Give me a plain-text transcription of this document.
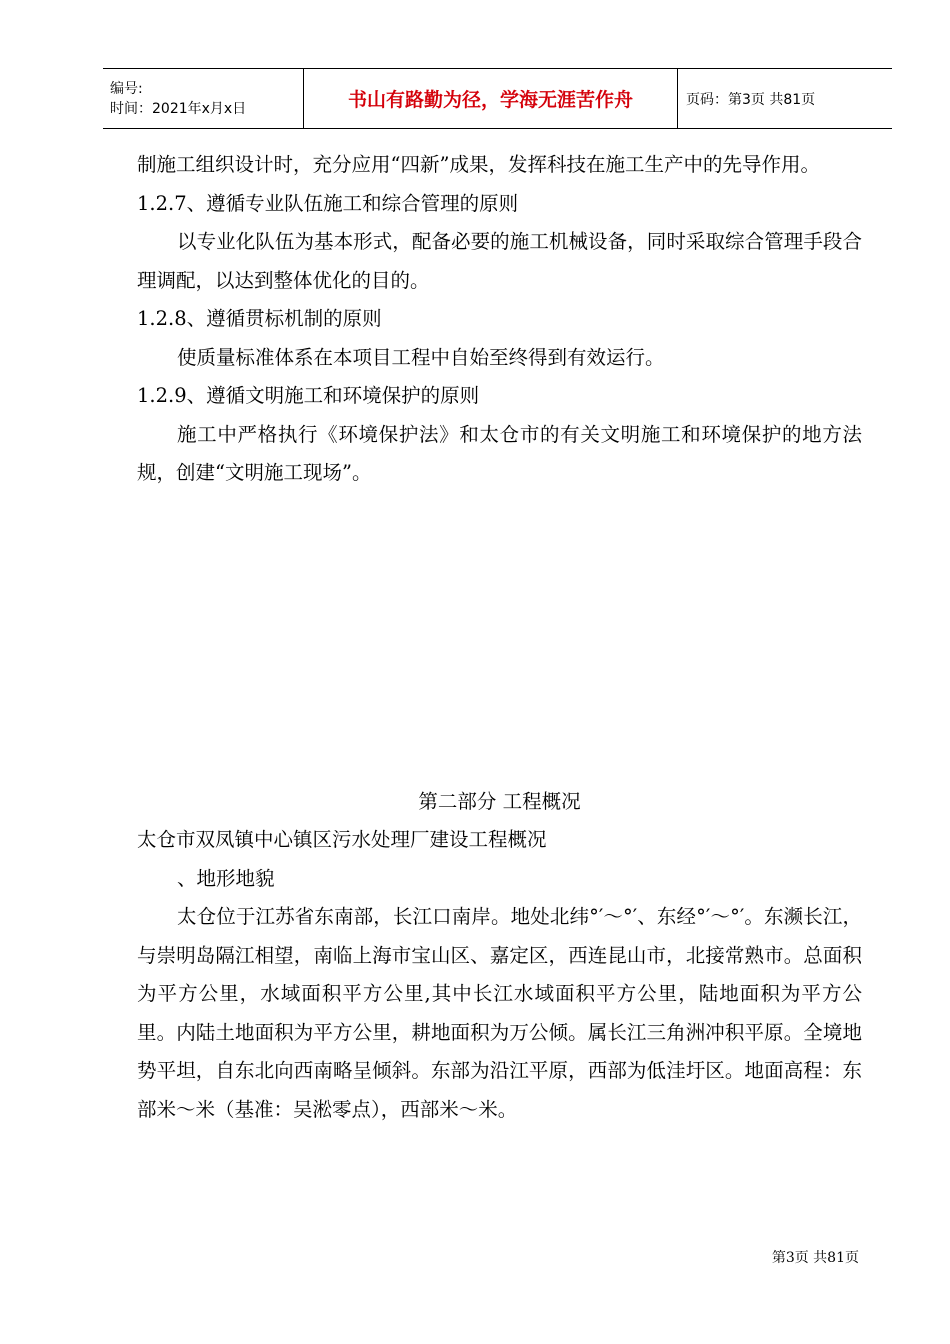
编号:
时间：2021年x月x日	书山有路勤为径，学海无涯苦作舟	页码：第3页 共81页

制施工组织设计时，充分应用“四新”成果，发挥科技在施工生产中的先导作用。

1.2.7、遵循专业队伍施工和综合管理的原则

以专业化队伍为基本形式，配备必要的施工机械设备，同时采取综合管理手段合理调配，以达到整体优化的目的。

1.2.8、遵循贯标机制的原则

使质量标准体系在本项目工程中自始至终得到有效运行。

1.2.9、遵循文明施工和环境保护的原则

施工中严格执行《环境保护法》和太仓市的有关文明施工和环境保护的地方法规，创建“文明施工现场”。

第二部分 工程概况

太仓市双凤镇中心镇区污水处理厂建设工程概况

、地形地貌

太仓位于江苏省东南部，长江口南岸。地处北纬°′～°′、东经°′～°′。东濒长江，与崇明岛隔江相望，南临上海市宝山区、嘉定区，西连昆山市，北接常熟市。总面积为平方公里，水域面积平方公里,其中长江水域面积平方公里，陆地面积为平方公里。内陆土地面积为平方公里，耕地面积为万公倾。属长江三角洲冲积平原。全境地势平坦，自东北向西南略呈倾斜。东部为沿江平原，西部为低洼圩区。地面高程：东部米～米（基准：吴淞零点），西部米～米。

第3页 共81页
